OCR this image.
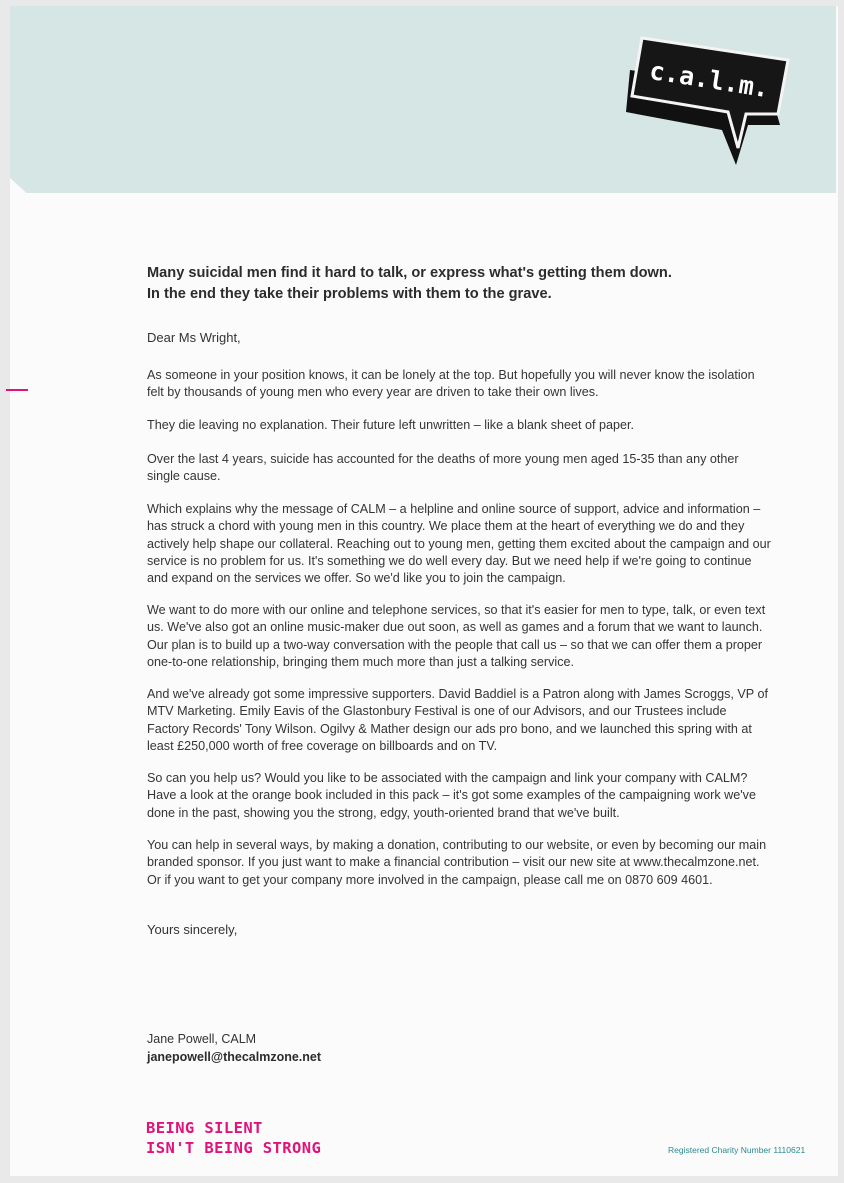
c.a.l.m.
Many suicidal men find it hard to talk, or express what's getting them down.
In the end they take their problems with them to the grave.
Dear Ms Wright,
As someone in your position knows, it can be lonely at the top. But hopefully you will never know the isolation felt by thousands of young men who every year are driven to take their own lives.
They die leaving no explanation. Their future left unwritten – like a blank sheet of paper.
Over the last 4 years, suicide has accounted for the deaths of more young men aged 15-35 than any other single cause.
Which explains why the message of CALM – a helpline and online source of support, advice and information – has struck a chord with young men in this country. We place them at the heart of everything we do and they actively help shape our collateral. Reaching out to young men, getting them excited about the campaign and our service is no problem for us. It's something we do well every day. But we need help if we're going to continue and expand on the services we offer. So we'd like you to join the campaign.
We want to do more with our online and telephone services, so that it's easier for men to type, talk, or even text us. We've also got an online music-maker due out soon, as well as games and a forum that we want to launch. Our plan is to build up a two-way conversation with the people that call us – so that we can offer them a proper one-to-one relationship, bringing them much more than just a talking service.
And we've already got some impressive supporters. David Baddiel is a Patron along with James Scroggs, VP of MTV Marketing. Emily Eavis of the Glastonbury Festival is one of our Advisors, and our Trustees include Factory Records' Tony Wilson. Ogilvy & Mather design our ads pro bono, and we launched this spring with at least £250,000 worth of free coverage on billboards and on TV.
So can you help us? Would you like to be associated with the campaign and link your company with CALM? Have a look at the orange book included in this pack – it's got some examples of the campaigning work we've done in the past, showing you the strong, edgy, youth-oriented brand that we've built.
You can help in several ways, by making a donation, contributing to our website, or even by becoming our main branded sponsor. If you just want to make a financial contribution – visit our new site at www.thecalmzone.net. Or if you want to get your company more involved in the campaign, please call me on 0870 609 4601.
Yours sincerely,
Jane Powell, CALM
janepowell@thecalmzone.net
BEING SILENT
ISN'T BEING STRONG	Registered Charity Number 1110621
